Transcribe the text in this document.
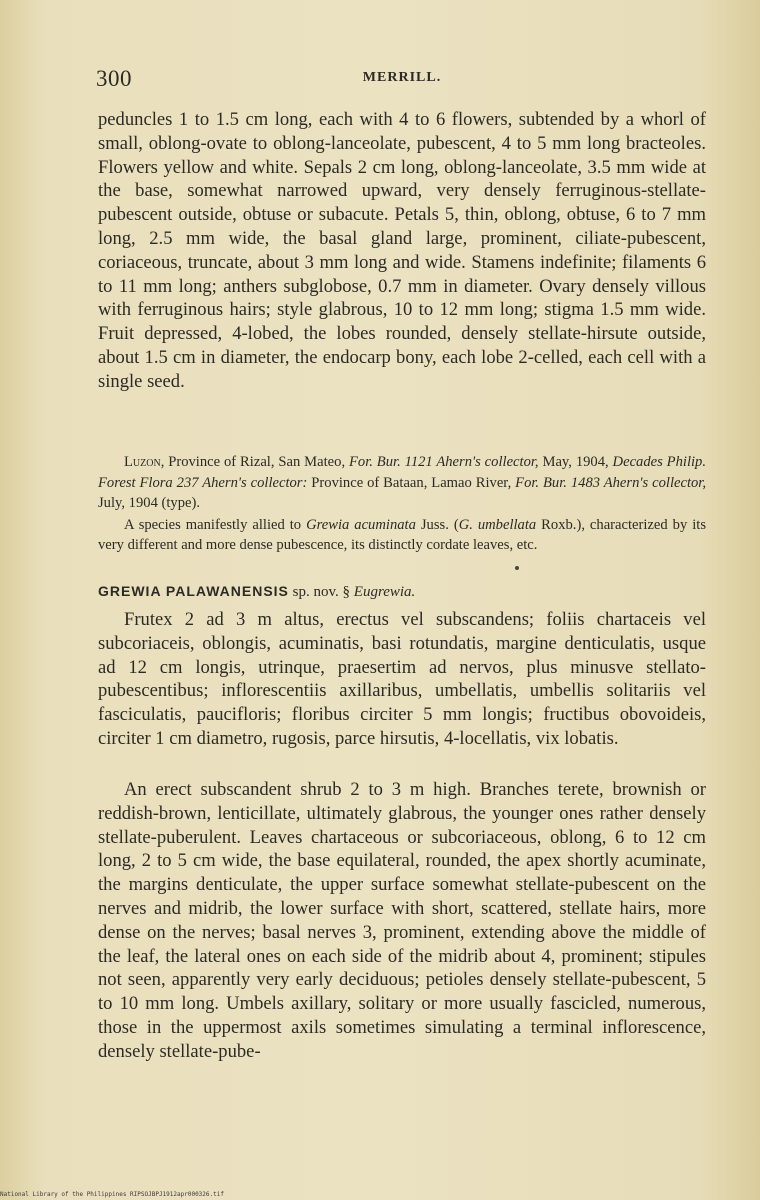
300	MERRILL.

peduncles 1 to 1.5 cm long, each with 4 to 6 flowers, subtended by a whorl of small, oblong-ovate to oblong-lanceolate, pubescent, 4 to 5 mm long bracteoles. Flowers yellow and white. Sepals 2 cm long, oblong-lanceolate, 3.5 mm wide at the base, somewhat narrowed upward, very densely ferruginous-stellate-pubescent outside, obtuse or subacute. Petals 5, thin, oblong, obtuse, 6 to 7 mm long, 2.5 mm wide, the basal gland large, prominent, ciliate-pubescent, coriaceous, truncate, about 3 mm long and wide. Stamens indefinite; filaments 6 to 11 mm long; anthers subglobose, 0.7 mm in diameter. Ovary densely villous with ferruginous hairs; style glabrous, 10 to 12 mm long; stigma 1.5 mm wide. Fruit depressed, 4-lobed, the lobes rounded, densely stellate-hirsute outside, about 1.5 cm in diameter, the endocarp bony, each lobe 2-celled, each cell with a single seed.

Luzon, Province of Rizal, San Mateo, For. Bur. 1121 Ahern's collector, May, 1904, Decades Philip. Forest Flora 237 Ahern's collector: Province of Bataan, Lamao River, For. Bur. 1483 Ahern's collector, July, 1904 (type).

A species manifestly allied to Grewia acuminata Juss. (G. umbellata Roxb.), characterized by its very different and more dense pubescence, its distinctly cordate leaves, etc.

GREWIA PALAWANENSIS sp. nov. § Eugrewia.

Frutex 2 ad 3 m altus, erectus vel subscandens; foliis chartaceis vel subcoriaceis, oblongis, acuminatis, basi rotundatis, margine denticulatis, usque ad 12 cm longis, utrinque, praesertim ad nervos, plus minusve stellato-pubescentibus; inflorescentiis axillaribus, umbellatis, umbellis solitariis vel fasciculatis, paucifloris; floribus circiter 5 mm longis; fructibus obovoideis, circiter 1 cm diametro, rugosis, parce hirsutis, 4-locellatis, vix lobatis.

An erect subscandent shrub 2 to 3 m high. Branches terete, brownish or reddish-brown, lenticillate, ultimately glabrous, the younger ones rather densely stellate-puberulent. Leaves chartaceous or subcoriaceous, oblong, 6 to 12 cm long, 2 to 5 cm wide, the base equilateral, rounded, the apex shortly acuminate, the margins denticulate, the upper surface somewhat stellate-pubescent on the nerves and midrib, the lower surface with short, scattered, stellate hairs, more dense on the nerves; basal nerves 3, prominent, extending above the middle of the leaf, the lateral ones on each side of the midrib about 4, prominent; stipules not seen, apparently very early deciduous; petioles densely stellate-pubescent, 5 to 10 mm long. Umbels axillary, solitary or more usually fascicled, numerous, those in the uppermost axils sometimes simulating a terminal inflorescence, densely stellate-pube-

National Library of the Philippines RIPSOJBPJ1912apr000326.tif
